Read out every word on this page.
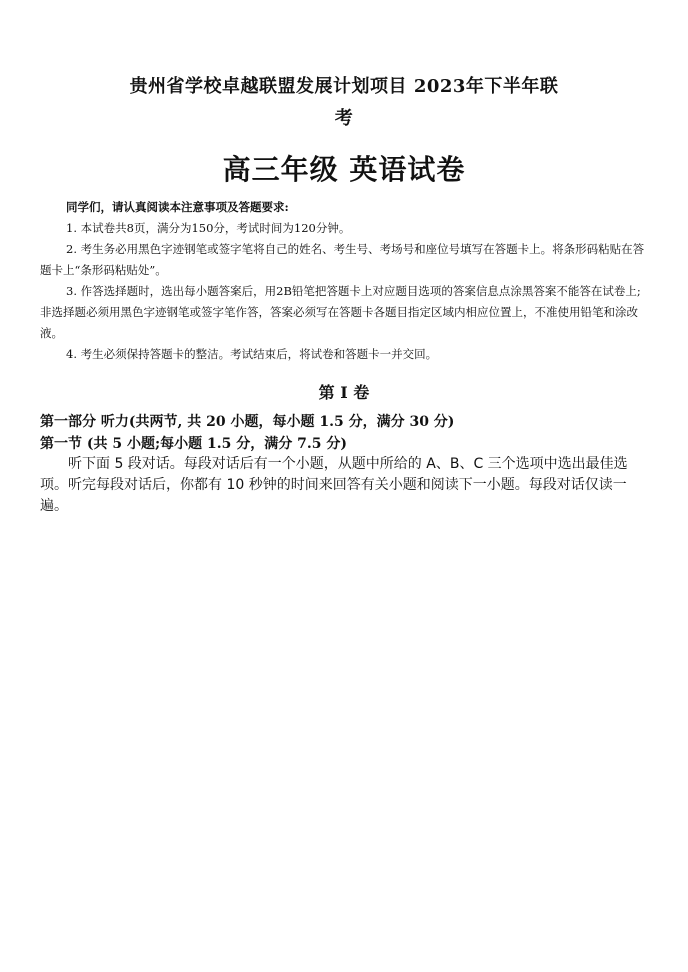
贵州省学校卓越联盟发展计划项目 2023年下半年联
考
高三年级 英语试卷
同学们，请认真阅读本注意事项及答题要求:
1. 本试卷共8页，满分为150分，考试时间为120分钟。
2. 考生务必用黑色字迹钢笔或签字笔将自己的姓名、考生号、考场号和座位号填写在答题卡上。将条形码粘贴在答题卡上“条形码粘贴处”。
3. 作答选择题时，选出每小题答案后，用2B铅笔把答题卡上对应题目选项的答案信息点涂黑答案不能答在试卷上;非选择题必须用黑色字迹钢笔或签字笔作答，答案必须写在答题卡各题目指定区域内相应位置上，不准使用铅笔和涂改液。
4. 考生必须保持答题卡的整洁。考试结束后，将试卷和答题卡一并交回。
第 I 卷
第一部分 听力(共两节, 共 20 小题，每小题 1.5 分，满分 30 分)
第一节 (共 5 小题;每小题 1.5 分，满分 7.5 分)
听下面 5 段对话。每段对话后有一个小题，从题中所给的 A、B、C 三个选项中选出最佳选项。听完每段对话后，你都有 10 秒钟的时间来回答有关小题和阅读下一小题。每段对话仅读一遍。
